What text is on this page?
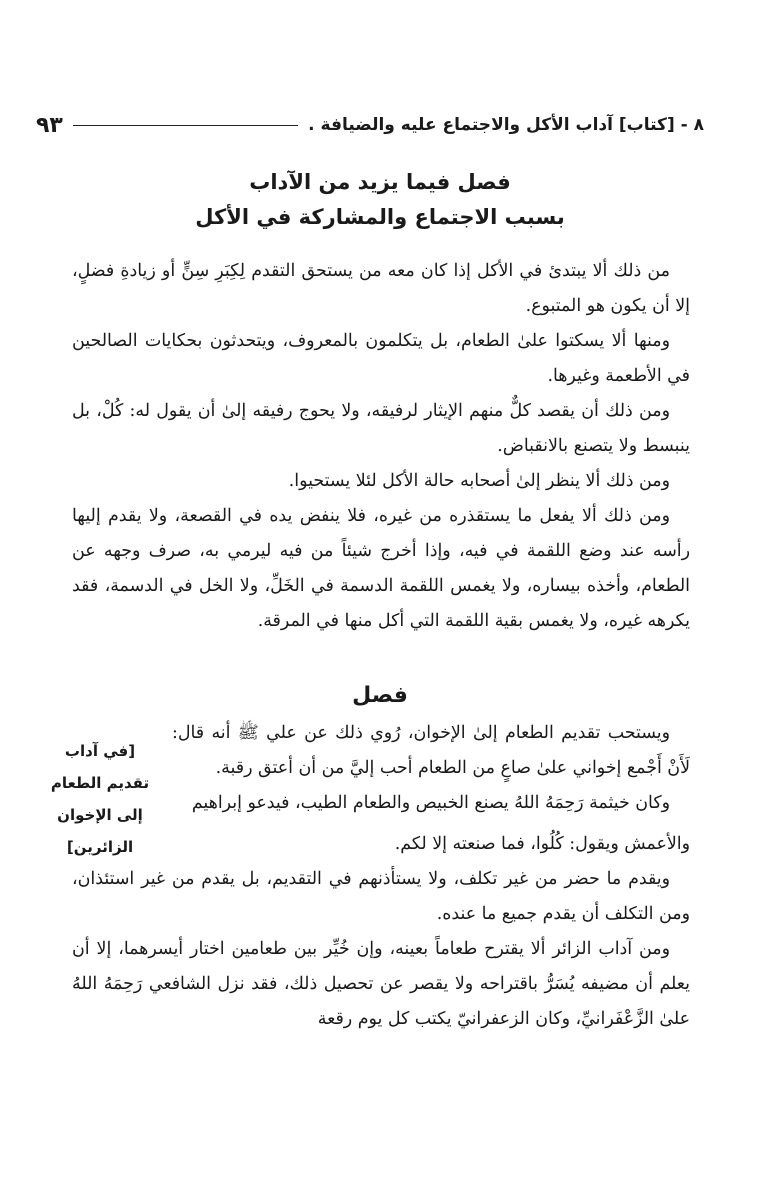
٨ - [كتاب] آداب الأكل والاجتماع عليه والضيافة .
٩٣
فصل فيما يزيد من الآداب
بسبب الاجتماع والمشاركة في الأكل

من ذلك ألا يبتدئ في الأكل إذا كان معه من يستحق التقدم لِكِبَرِ سِنٍّ أو زيادةِ فضلٍ، إلا أن يكون هو المتبوع.

ومنها ألا يسكتوا علىٰ الطعام، بل يتكلمون بالمعروف، ويتحدثون بحكايات الصالحين في الأطعمة وغيرها.

ومن ذلك أن يقصد كلٌّ منهم الإيثار لرفيقه، ولا يحوج رفيقه إلىٰ أن يقول له: كُلْ، بل ينبسط ولا يتصنع بالانقباض.

ومن ذلك ألا ينظر إلىٰ أصحابه حالة الأكل لئلا يستحيوا.

ومن ذلك ألا يفعل ما يستقذره من غيره، فلا ينفض يده في القصعة، ولا يقدم إليها رأسه عند وضع اللقمة في فيه، وإذا أخرج شيئاً من فيه ليرمي به، صرف وجهه عن الطعام، وأخذه بيساره، ولا يغمس اللقمة الدسمة في الخَلِّ، ولا الخل في الدسمة، فقد يكرهه غيره، ولا يغمس بقية اللقمة التي أكل منها في المرقة.

فصل

ويستحب تقديم الطعام إلىٰ الإخوان، رُوي ذلك عن علي ﷺ أنه قال: لَأَنْ أَجْمع إخواني علىٰ صاعٍ من الطعام أحب إليَّ من أن أعتق رقبة.

وكان خيثمة رَحِمَهُ اللهُ يصنع الخبيص والطعام الطيب، فيدعو إبراهيم

[في آداب تقديم الطعام إلى الإخوان
الزائرين]	والأعمش ويقول: كُلُوا، فما صنعته إلا لكم.

ويقدم ما حضر من غير تكلف، ولا يستأذنهم في التقديم، بل يقدم من غير استئذان، ومن التكلف أن يقدم جميع ما عنده.

ومن آداب الزائر ألا يقترح طعاماً بعينه، وإن خُيِّر بين طعامين اختار أيسرهما، إلا أن يعلم أن مضيفه يُسَرُّ باقتراحه ولا يقصر عن تحصيل ذلك، فقد نزل الشافعي رَحِمَهُ اللهُ علىٰ الزَّعْفَرانيِّ، وكان الزعفرانيّ يكتب كل يوم رقعة
